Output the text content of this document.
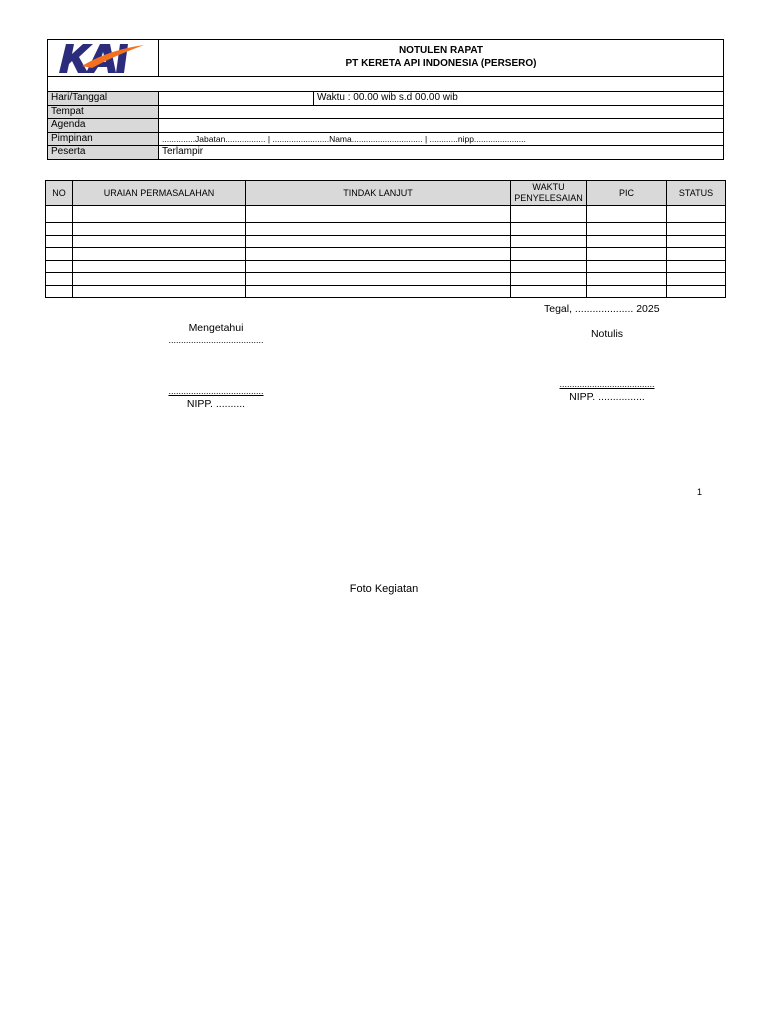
NOTULEN RAPAT
PT KERETA API INDONESIA (PERSERO)
Hari/Tanggal		Waktu : 00.00 wib s.d 00.00 wib
Tempat		
Agenda		
Pimpinan	..............Jabatan................. | ........................Nama.............................. | ............nipp......................	
Peserta	Terlampir	
NO	URAIAN PERMASALAHAN	TINDAK LANJUT	WAKTU PENYELESAIAN	PIC	STATUS

Tegal, .................... 2025
Mengetahui
......................................
......................................
NIPP. ..........
Notulis
......................................
NIPP. ................
1
Foto Kegiatan
